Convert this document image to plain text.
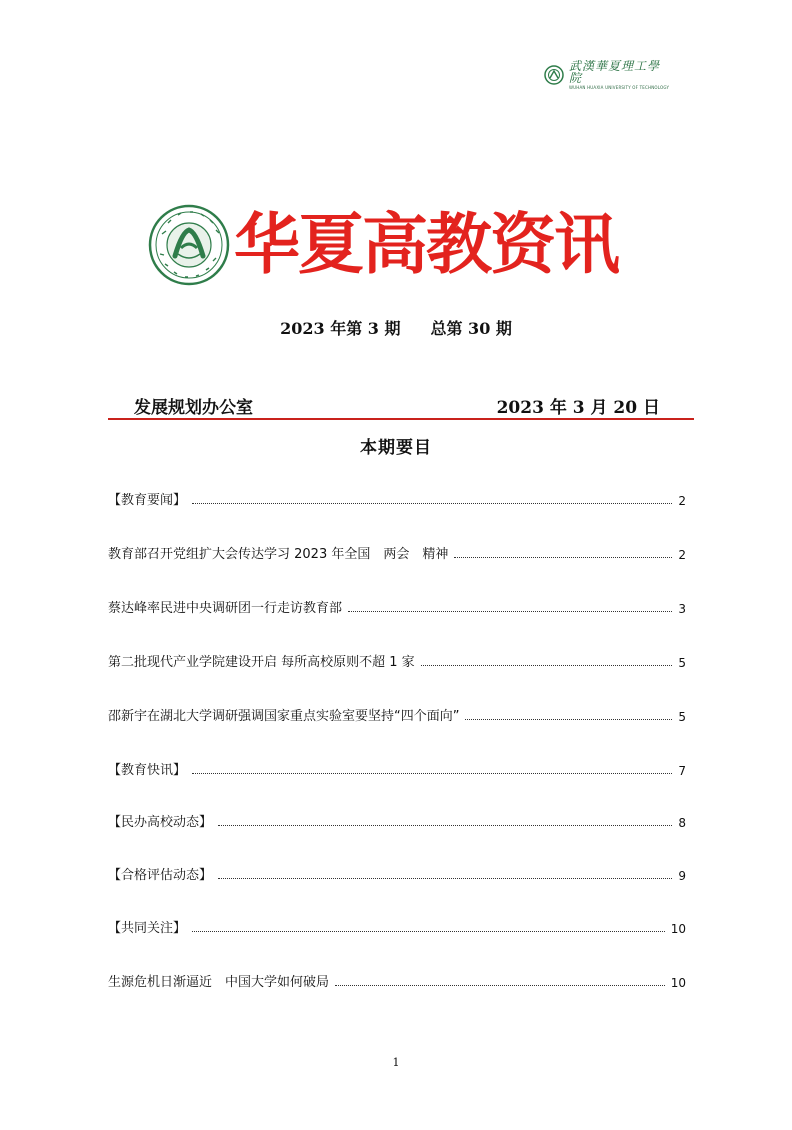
武漢華夏理工學院
WUHAN HUAXIA UNIVERSITY OF TECHNOLOGY
华夏高教资讯
2023 年第 3 期 总第 30 期
发展规划办公室	2023 年 3 月 20 日
本期要目
【教育要闻】	2
教育部召开党组扩大会传达学习 2023 年全国　两会　精神	2
蔡达峰率民进中央调研团一行走访教育部	3
第二批现代产业学院建设开启 每所高校原则不超 1 家	5
邵新宇在湖北大学调研强调国家重点实验室要坚持“四个面向”	5
【教育快讯】	7
【民办高校动态】	8
【合格评估动态】	9
【共同关注】	10
生源危机日渐逼近　中国大学如何破局	10
1
